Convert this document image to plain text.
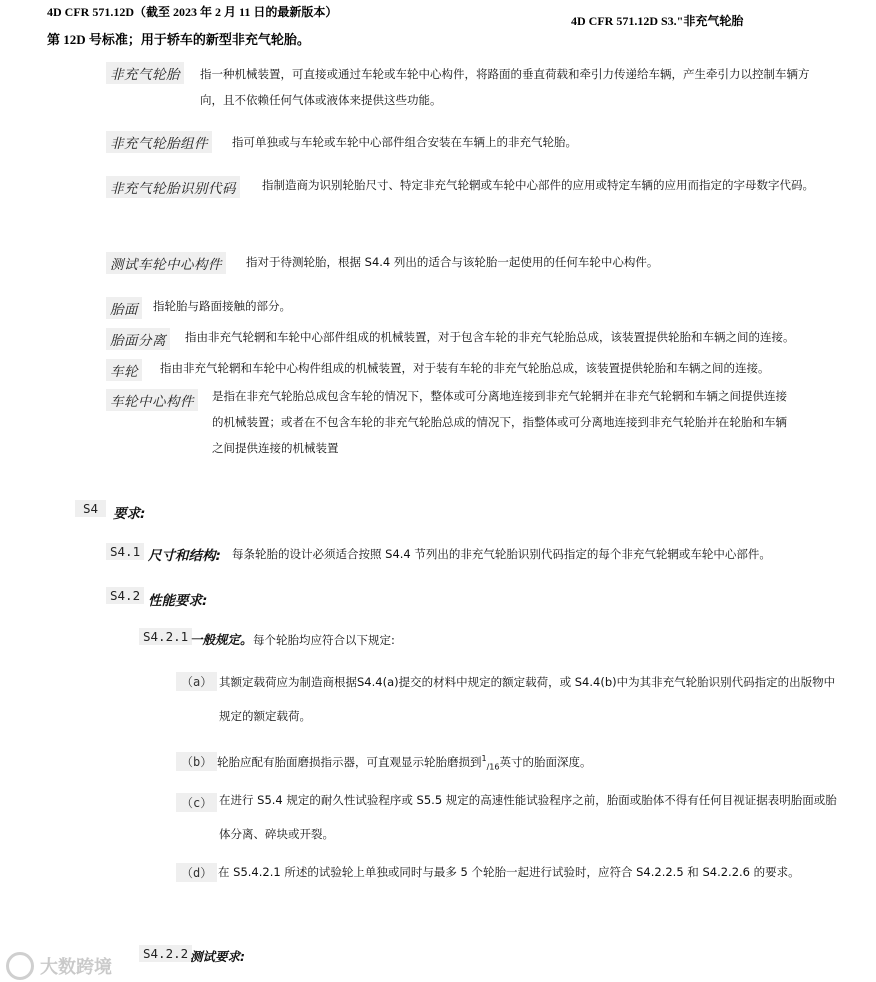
4D CFR 571.12D（截至 2023 年 2 月 11 日的最新版本）
第 12D 号标准；用于轿车的新型非充气轮胎。
4D CFR 571.12D S3."非充气轮胎
非充气轮胎	指一种机械装置，可直接或通过车轮或车轮中心构件，将路面的垂直荷载和牵引力传递给车辆，产生牵引力以控制车辆方向，且不依赖任何气体或液体来提供这些功能。
非充气轮胎组件	指可单独或与车轮或车轮中心部件组合安装在车辆上的非充气轮胎。
非充气轮胎识别代码	指制造商为识别轮胎尺寸、特定非充气轮辋或车轮中心部件的应用或特定车辆的应用而指定的字母数字代码。
测试车轮中心构件	指对于待测轮胎，根据 S4.4 列出的适合与该轮胎一起使用的任何车轮中心构件。
胎面	指轮胎与路面接触的部分。
胎面分离	指由非充气轮辋和车轮中心部件组成的机械装置，对于包含车轮的非充气轮胎总成，该装置提供轮胎和车辆之间的连接。
车轮	指由非充气轮辋和车轮中心构件组成的机械装置，对于装有车轮的非充气轮胎总成，该装置提供轮胎和车辆之间的连接。
车轮中心构件	是指在非充气轮胎总成包含车轮的情况下，整体或可分离地连接到非充气轮辋并在非充气轮辋和车辆之间提供连接的机械装置；或者在不包含车轮的非充气轮胎总成的情况下，指整体或可分离地连接到非充气轮胎并在轮胎和车辆之间提供连接的机械装置
S4	要求:
S4.1 尺寸和结构: 每条轮胎的设计必须适合按照 S4.4 节列出的非充气轮胎识别代码指定的每个非充气轮辋或车轮中心部件。
S4.2 性能要求:
S4.2.1 一般规定。 每个轮胎均应符合以下规定:
（a） 其额定载荷应为制造商根据S4.4(a)提交的材料中规定的额定载荷，或 S4.4(b)中为其非充气轮胎识别代码指定的出版物中规定的额定载荷。
（b） 轮胎应配有胎面磨损指示器，可直观显示轮胎磨损到$^1_{/16}$英寸的胎面深度。
（c） 在进行 S5.4 规定的耐久性试验程序或 S5.5 规定的高速性能试验程序之前，胎面或胎体不得有任何目视证据表明胎面或胎体分离、碎块或开裂。
（d） 在 S5.4.2.1 所述的试验轮上单独或同时与最多 5 个轮胎一起进行试验时，应符合 S4.2.2.5 和 S4.2.2.6 的要求。
S4.2.2 测试要求:
大数跨境
